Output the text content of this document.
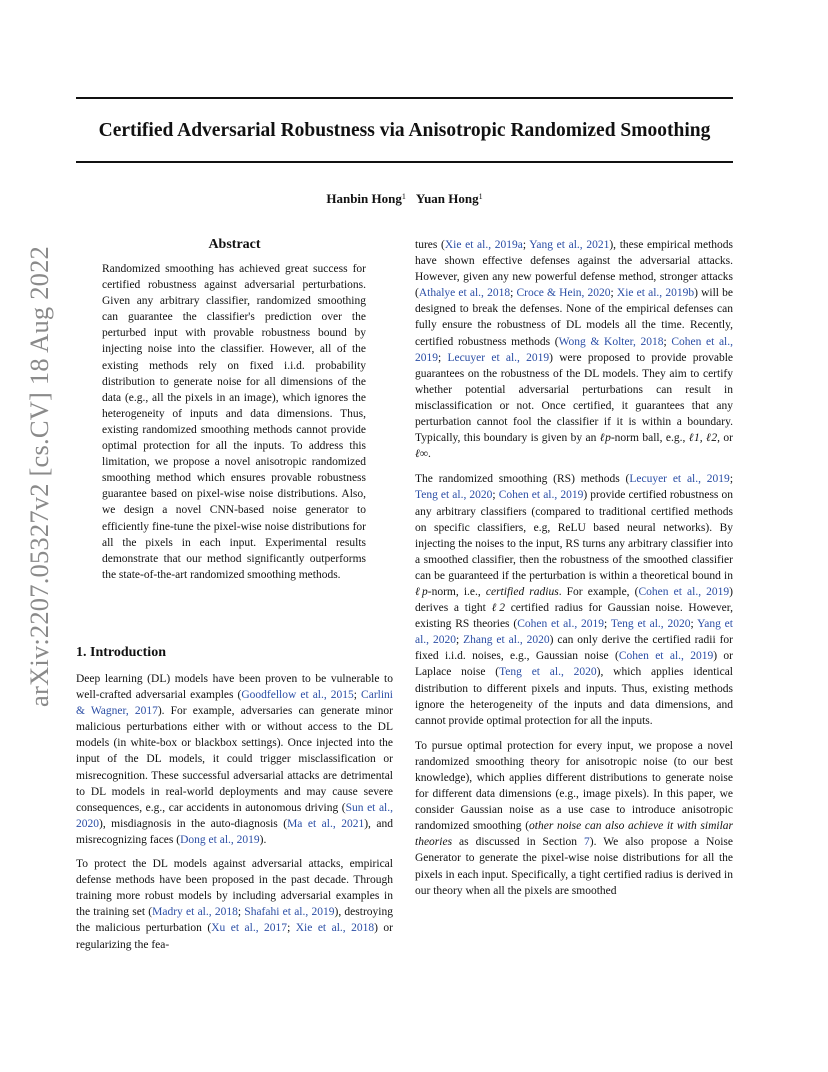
Certified Adversarial Robustness via Anisotropic Randomized Smoothing
Hanbin Hong$^1$ Yuan Hong$^1$
arXiv:2207.05327v2 [cs.CV] 18 Aug 2022
Abstract

Randomized smoothing has achieved great success for certified robustness against adversarial perturbations. Given any arbitrary classifier, randomized smoothing can guarantee the classifier's prediction over the perturbed input with provable robustness bound by injecting noise into the classifier. However, all of the existing methods rely on fixed i.i.d. probability distribution to generate noise for all dimensions of the data (e.g., all the pixels in an image), which ignores the heterogeneity of inputs and data dimensions. Thus, existing randomized smoothing methods cannot provide optimal protection for all the inputs. To address this limitation, we propose a novel anisotropic randomized smoothing method which ensures provable robustness guarantee based on pixel-wise noise distributions. Also, we design a novel CNN-based noise generator to efficiently fine-tune the pixel-wise noise distributions for all the pixels in each input. Experimental results demonstrate that our method significantly outperforms the state-of-the-art randomized smoothing methods.

1. Introduction

Deep learning (DL) models have been proven to be vulnerable to well-crafted adversarial examples (Goodfellow et al., 2015; Carlini & Wagner, 2017). For example, adversaries can generate minor malicious perturbations either with or without access to the DL models (in white-box or blackbox settings). Once injected into the input of the DL models, it could trigger misclassification or misrecognition. These successful adversarial attacks are detrimental to DL models in real-world deployments and may cause severe consequences, e.g., car accidents in autonomous driving (Sun et al., 2020), misdiagnosis in the auto-diagnosis (Ma et al., 2021), and misrecognizing faces (Dong et al., 2019).

To protect the DL models against adversarial attacks, empirical defense methods have been proposed in the past decade. Through training more robust models by including adversarial examples in the training set (Madry et al., 2018; Shafahi et al., 2019), destroying the malicious perturbation (Xu et al., 2017; Xie et al., 2018) or regularizing the fea-

tures (Xie et al., 2019a; Yang et al., 2021), these empirical methods have shown effective defenses against the adversarial attacks. However, given any new powerful defense method, stronger attacks (Athalye et al., 2018; Croce & Hein, 2020; Xie et al., 2019b) will be designed to break the defenses. None of the empirical defenses can fully ensure the robustness of DL models all the time. Recently, certified robustness methods (Wong & Kolter, 2018; Cohen et al., 2019; Lecuyer et al., 2019) were proposed to provide provable guarantees on the robustness of the DL models. They aim to certify whether potential adversarial perturbations can result in misclassification or not. Once certified, it guarantees that any perturbation cannot fool the classifier if it is within a boundary. Typically, this boundary is given by an ℓp-norm ball, e.g., ℓ1, ℓ2, or ℓ∞.

The randomized smoothing (RS) methods (Lecuyer et al., 2019; Teng et al., 2020; Cohen et al., 2019) provide certified robustness on any arbitrary classifiers (compared to traditional certified methods on specific classifiers, e.g, ReLU based neural networks). By injecting the noises to the input, RS turns any arbitrary classifier into a smoothed classifier, then the robustness of the smoothed classifier can be guaranteed if the perturbation is within a theoretical bound in ℓp-norm, i.e., certified radius. For example, (Cohen et al., 2019) derives a tight ℓ2 certified radius for Gaussian noise. However, existing RS theories (Cohen et al., 2019; Teng et al., 2020; Yang et al., 2020; Zhang et al., 2020) can only derive the certified radii for fixed i.i.d. noises, e.g., Gaussian noise (Cohen et al., 2019) or Laplace noise (Teng et al., 2020), which applies identical distribution to different pixels and inputs. Thus, existing methods ignore the heterogeneity of the inputs and data dimensions, and cannot provide optimal protection for all the inputs.

To pursue optimal protection for every input, we propose a novel randomized smoothing theory for anisotropic noise (to our best knowledge), which applies different distributions to generate noise for different data dimensions (e.g., image pixels). In this paper, we consider Gaussian noise as a use case to introduce anisotropic randomized smoothing (other noise can also achieve it with similar theories as discussed in Section 7). We also propose a Noise Generator to generate the pixel-wise noise distributions for all the pixels in each input. Specifically, a tight certified radius is derived in our theory when all the pixels are smoothed
